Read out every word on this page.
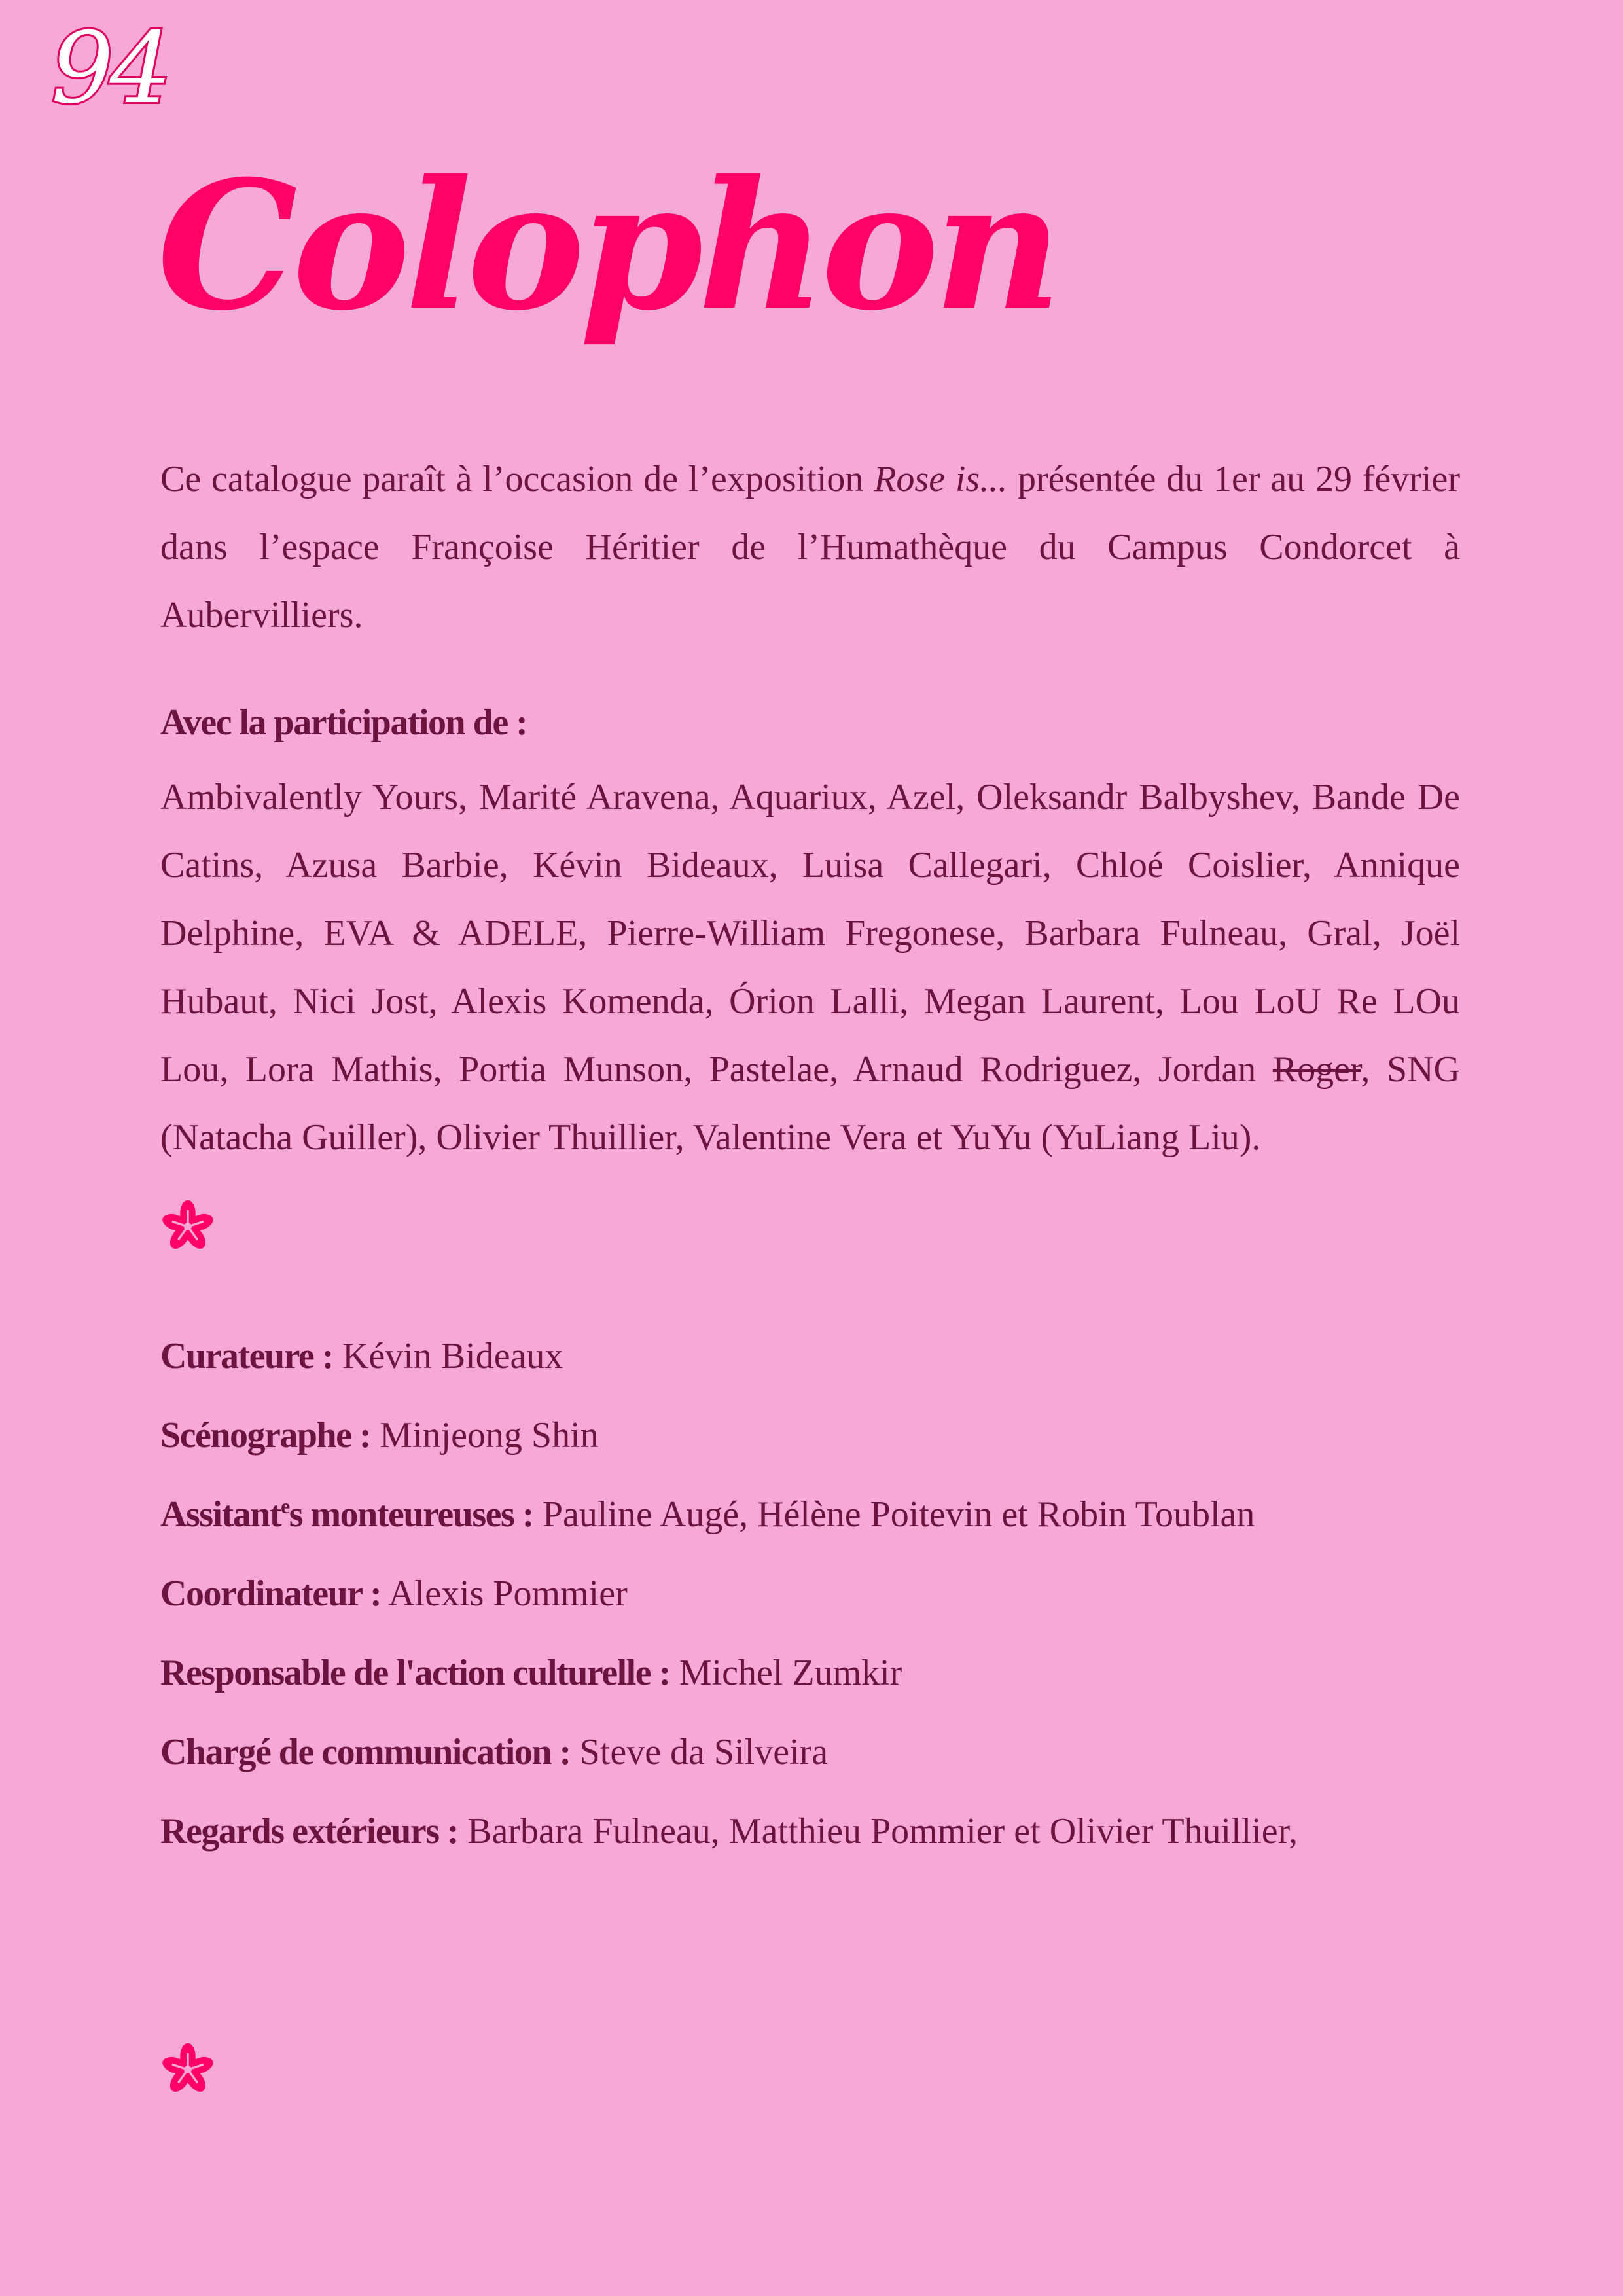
94
Colophon

Ce catalogue paraît à l’occasion de l’exposition Rose is... présentée du 1er au 29 février dans l’espace Françoise Héritier de l’Humathèque du Campus Condorcet à Aubervilliers.

Avec la participation de :

Ambivalently Yours, Marité Aravena, Aquariux, Azel, Oleksandr Balbyshev, Bande De Catins, Azusa Barbie, Kévin Bideaux, Luisa Callegari, Chloé Coislier, Annique Delphine, EVA & ADELE, Pierre-William Fregonese, Barbara Fulneau, Gral, Joël Hubaut, Nici Jost, Alexis Komenda, Órion Lalli, Megan Laurent, Lou LoU Re LOu Lou, Lora Mathis, Portia Munson, Pastelae, Arnaud Rodriguez, Jordan Roger, SNG (Natacha Guiller), Olivier Thuillier, Valentine Vera et YuYu (YuLiang Liu).

Curateure : Kévin Bideaux

Scénographe : Minjeong Shin

Assitant$^e$s monteureuses : Pauline Augé, Hélène Poitevin et Robin Toublan

Coordinateur : Alexis Pommier

Responsable de l'action culturelle : Michel Zumkir

Chargé de communication : Steve da Silveira

Regards extérieurs : Barbara Fulneau, Matthieu Pommier et Olivier Thuillier,
